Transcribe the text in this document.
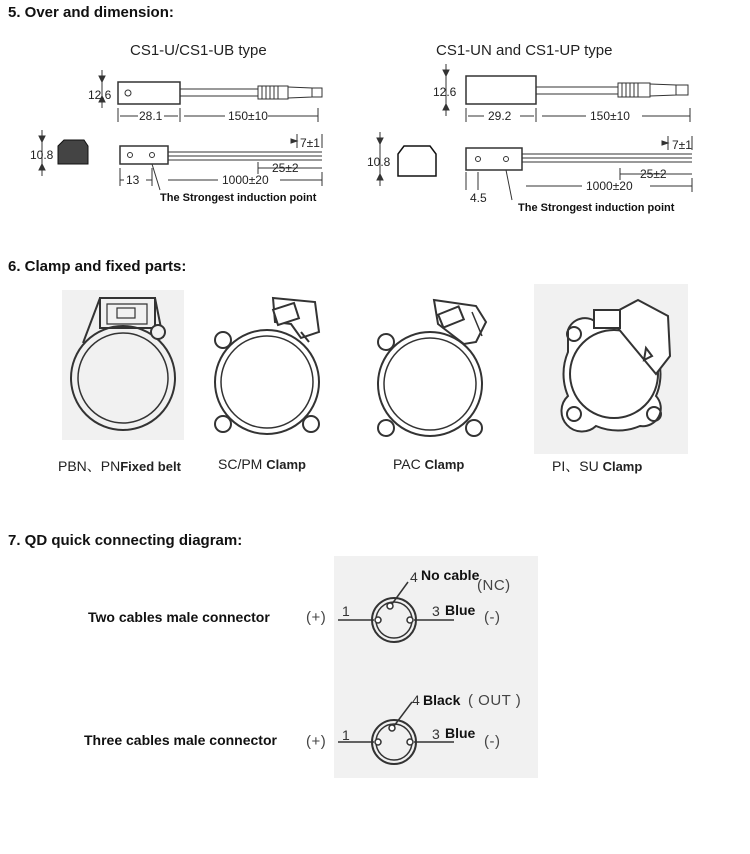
5. Over and dimension:
CS1-U/CS1-UB type
12.6
28.1	150±10
10.8
7±1
25±2
1000±20
13
The Strongest induction point
CS1-UN and CS1-UP type
12.6
29.2	150±10
10.8
7±1
25±2
1000±20
4.5
The Strongest induction point
6. Clamp and fixed parts:
PBN、PNFixed belt	SC/PM Clamp	PAC Clamp	PI、SU Clamp
7. QD quick connecting diagram:
Two cables male connector (+) 1
4 No cable
(NC)
3 Blue (-)
Three cables male connector (+) 1
4 Black ( OUT )
3 Blue (-)
